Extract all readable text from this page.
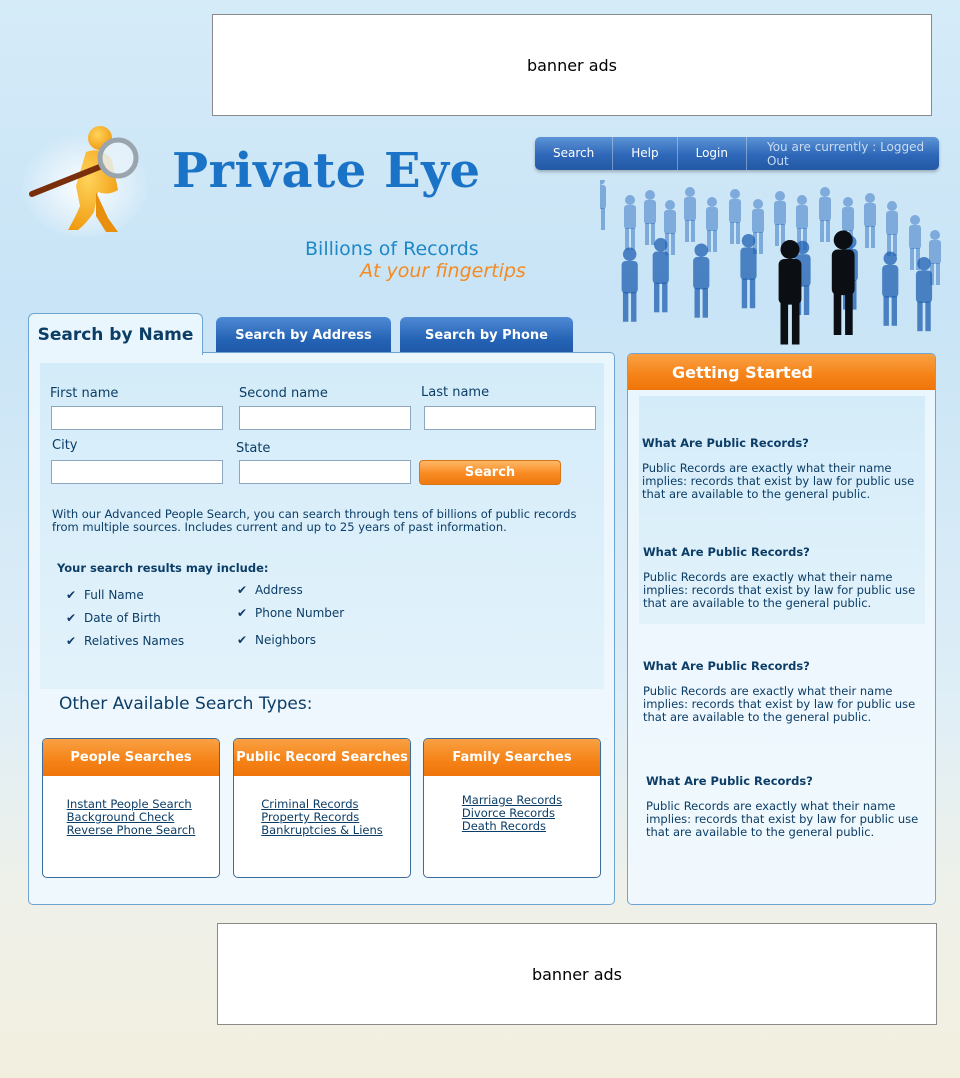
banner ads
Private Eye
Billions of Records
At your fingertips
Search	Help	Login	You are currently : Logged Out
Search by Name	Search by Address	Search by Phone
First name	Second name	Last name
City	State
Search
With our Advanced People Search, you can search through tens of billions of public records from multiple sources. Includes current and up to 25 years of past information.
Your search results may include:
✔ Full Name
✔ Date of Birth
✔ Relatives Names
✔ Address
✔ Phone Number
✔ Neighbors
Other Available Search Types:
People Searches
Instant People Search
Background Check
Reverse Phone Search
Public Record Searches
Criminal Records
Property Records
Bankruptcies & Liens
Family Searches
Marriage Records
Divorce Records
Death Records
Getting Started
What Are Public Records?
Public Records are exactly what their name implies: records that exist by law for public use that are available to the general public.
What Are Public Records?
Public Records are exactly what their name implies: records that exist by law for public use that are available to the general public.
What Are Public Records?
Public Records are exactly what their name implies: records that exist by law for public use that are available to the general public.
What Are Public Records?
Public Records are exactly what their name implies: records that exist by law for public use that are available to the general public.
banner ads
